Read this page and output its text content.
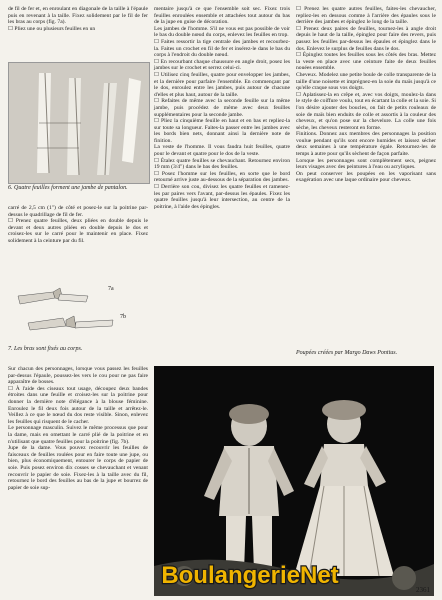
de fil de fer et, en enroulant en diagonale de la taille à l'épaule puis en revenant à la taille. Fixez solidement par le fil de fer les bras au corps (fig. 7a).
☐ Pliez une ou plusieurs feuilles en un

6. Quatre feuilles forment une jambe de pantalon.

carré de 2,5 cm (1") de côté et posez-le sur la poitrine par-dessus le quadrillage de fil de fer.
☐ Prenez quatre feuilles, deux pliées en double depuis le devant et deux autres pliées en double depuis le dos et croisez-les sur le carré pour le maintenir en place. Fixez solidement à la ceinture par du fil.

7a
7b
7. Les bras sont fixés au corps.

mentaire jusqu'à ce que l'ensemble soit sec. Fixez trois feuilles enroulées ensemble et attachées tout autour du bas de la jupe en guise de décoration.
Les jambes de l'homme. S'il ne vous est pas possible de voir le bas du double nœud du corps, enlevez les feuilles en trop.
☐ Faites ressortir la tige centrale des jambes et recourbez-la. Faites un crochet en fil de fer et insérez-le dans le bas du corps à l'endroit du double nœud.
☐ En recourbant chaque chaussure en angle droit, posez les jambes sur le crochet et serrez celui-ci.
☐ Utilisez cinq feuilles, quatre pour envelopper les jambes, et la dernière pour parfaire l'ensemble. En commençant par le dos, enroulez entre les jambes, puis autour de chacune d'elles et plus haut, autour de la taille.
☐ Refaites de même avec la seconde feuille sur la même jambe, puis procédez de même avec deux feuilles supplémentaires pour la seconde jambe.
☐ Pliez la cinquième feuille en haut et en bas et repliez-la sur toute sa longueur. Faites-la passer entre les jambes avec les bords bien nets, donnant ainsi la dernière note de finition.
La veste de l'homme. Il vous faudra huit feuilles, quatre pour le devant et quatre pour le dos de la veste.
☐ Étalez quatre feuilles se chevauchant. Retournez environ 19 mm (3/4") dans le bas des feuilles.
☐ Posez l'homme sur les feuilles, en sorte que le bord retourné arrive juste au-dessous de la séparation des jambes.
☐ Derrière son cou, divisez les quatre feuilles et ramenez-les par paires vers l'avant, par-dessus les épaules. Fixez les quatre feuilles jusqu'à leur intersection, au centre de la poitrine, à l'aide des épingles.

☐ Prenez les quatre autres feuilles, faites-les chevaucher, repliez-les en dessous comme à l'arrière des épaules sous le derrière des jambes et épinglez le long de la taille.
☐ Prenez deux paires de feuilles, tournez-les à angle droit depuis le haut de la taille, épinglez pour faire des revers, puis passez les feuilles par-dessus les épaules et épinglez dans le dos. Enlevez le surplus de feuilles dans le dos.
☐ Épinglez toutes les feuilles sous les côtés des bras. Mettez la veste en place avec une ceinture faite de deux feuilles nouées ensemble.
Cheveux. Modelez une petite boule de colle transparente de la taille d'une noisette et imprégnez-en la soie du maïs jusqu'à ce qu'elle craque sous vos doigts.
☐ Aplatissez-la en crêpe et, avec vos doigts, moulez-la dans le style de coiffure voulu, tout en écartant la colle et la soie. Si l'on désire ajouter des boucles, on fait de petits rouleaux de soie de maïs bien enduits de colle et assortis à la couleur des cheveux, et qu'on pose sur la chevelure. La colle une fois sèche, les cheveux resteront en forme.
Finitions. Donnez aux membres des personnages la position voulue pendant qu'ils sont encore humides et laissez sécher deux semaines à une température égale. Retournez-les de temps à autre pour qu'ils sèchent de façon parfaite.
Lorsque les personnages sont complètement secs, peignez leurs visages avec des peintures à l'eau ou acryliques.
On peut conserver les poupées en les vaporisant sans exagération avec une laque ordinaire pour cheveux.

Poupées créées par Margo Daws Pontius.

Sur chacun des personnages, lorsque vous passez les feuilles par-dessus l'épaule, poussez-les vers le cou pour ne pas faire apparaître de bosses.
☐ À l'aide des ciseaux tout usage, découpez deux bandes étroites dans une feuille et croisez-les sur la poitrine pour donner la dernière note d'élégance à la blouse féminine. Enroulez le fil deux fois autour de la taille et arrêtez-le. Veillez à ce que le nœud du dos reste visible. Sinon, enlevez les feuilles qui risquent de le cacher.
Le personnage masculin. Suivez le même processus que pour la dame, mais en omettant le carré plié de la poitrine et en n'utilisant que quatre feuilles pour la poitrine (fig. 7b).
Jupe de la dame. Vous pouvez recouvrir les feuilles de faisceaux de feuilles roulées pour en faire toute une jupe, ou bien, plus économiquement, entourer le corps de papier de soie. Puis posez environ dix cosses se chevauchant et venant recouvrir le papier de soie. Fixez-les à la taille avec du fil, retournez le bord des feuilles au bas de la jupe et bourrez de papier de soie sup-

BoulangerieNet
2361
